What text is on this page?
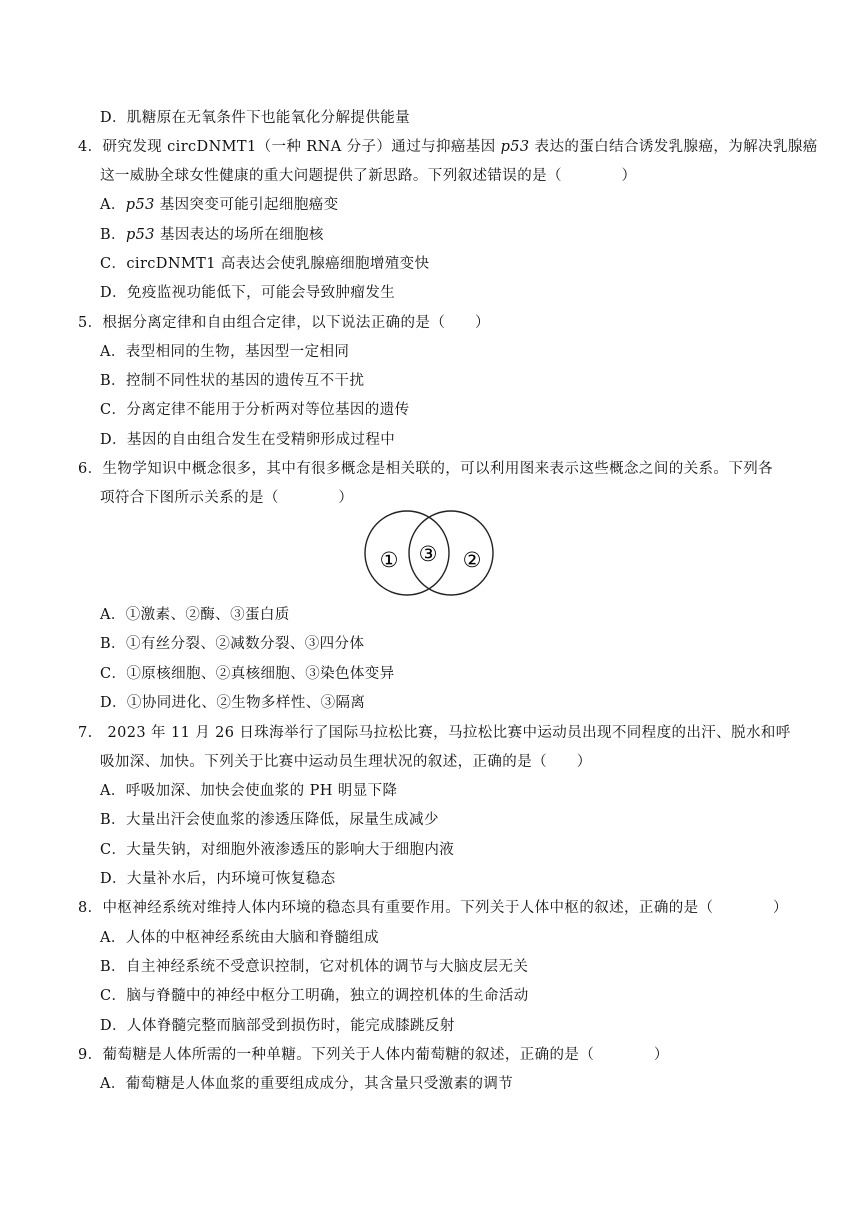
D．肌糖原在无氧条件下也能氧化分解提供能量
4．研究发现 circDNMT1（一种 RNA 分子）通过与抑癌基因 p53 表达的蛋白结合诱发乳腺癌，为解决乳腺癌
这一威胁全球女性健康的重大问题提供了新思路。下列叙述错误的是（　　　　）
A．p53 基因突变可能引起细胞癌变
B．p53 基因表达的场所在细胞核
C．circDNMT1 高表达会使乳腺癌细胞增殖变快
D．免疫监视功能低下，可能会导致肿瘤发生
5．根据分离定律和自由组合定律，以下说法正确的是（　　）
A．表型相同的生物，基因型一定相同
B．控制不同性状的基因的遗传互不干扰
C．分离定律不能用于分析两对等位基因的遗传
D．基因的自由组合发生在受精卵形成过程中
6．生物学知识中概念很多，其中有很多概念是相关联的，可以利用图来表示这些概念之间的关系。下列各
项符合下图所示关系的是（　　　　）
① ③ ②
A．①激素、②酶、③蛋白质
B．①有丝分裂、②减数分裂、③四分体
C．①原核细胞、②真核细胞、③染色体变异
D．①协同进化、②生物多样性、③隔离
7.　2023 年 11 月 26 日珠海举行了国际马拉松比赛，马拉松比赛中运动员出现不同程度的出汗、脱水和呼
吸加深、加快。下列关于比赛中运动员生理状况的叙述，正确的是（　　）
A．呼吸加深、加快会使血浆的 PH 明显下降
B．大量出汗会使血浆的渗透压降低，尿量生成减少
C．大量失钠，对细胞外液渗透压的影响大于细胞内液
D．大量补水后，内环境可恢复稳态
8．中枢神经系统对维持人体内环境的稳态具有重要作用。下列关于人体中枢的叙述，正确的是（　　　　）
A．人体的中枢神经系统由大脑和脊髓组成
B．自主神经系统不受意识控制，它对机体的调节与大脑皮层无关
C．脑与脊髓中的神经中枢分工明确，独立的调控机体的生命活动
D．人体脊髓完整而脑部受到损伤时，能完成膝跳反射
9．葡萄糖是人体所需的一种单糖。下列关于人体内葡萄糖的叙述，正确的是（　　　　）
A．葡萄糖是人体血浆的重要组成成分，其含量只受激素的调节
